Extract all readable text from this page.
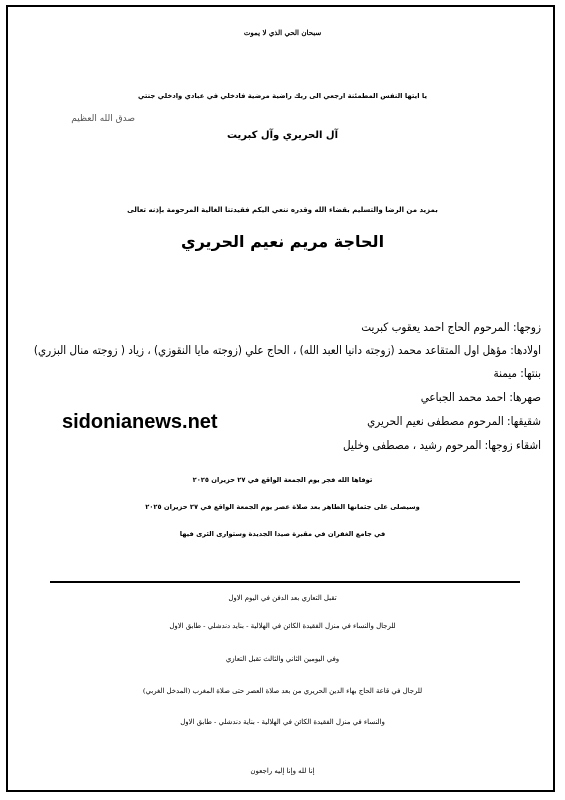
سبحان الحي الذي لا يموت
يا ايتها النفس المطمئنة ارجعي الى ربك راضية مرضية فادخلي في عبادي وادخلي جنتي
صدق الله العظيم
آل الحريري وآل كبريت
بمزيد من الرضا والتسليم بقضاء الله وقدره ننعي اليكم فقيدتنا الغالية المرحومة بإذنه تعالى
الحاجة مريم نعيم الحريري
زوجها: المرحوم الحاج احمد يعقوب كبريت
اولادها: مؤهل اول المتقاعد محمد (زوجته دانيا العبد الله) ، الحاج علي (زوجته مايا النقوزي) ، زياد ( زوجته منال البزري)
بنتها: ميمنة
صهرها: احمد محمد الجباعي
شقيقها: المرحوم مصطفى نعيم الحريري
اشقاء زوجها: المرحوم رشيد ، مصطفى وخليل
sidonianews.net
توفاها الله فجر يوم الجمعة الواقع في ٢٧ حزيران ٢٠٢٥
وسيصلى على جثمانها الطاهر بعد صلاة عصر يوم الجمعة الواقع في ٢٧ حزيران ٢٠٢٥
في جامع الغفران في مقبرة صيدا الجديدة وستوارى الثرى فيها
تقبل التعازي بعد الدفن في اليوم الاول
للرجال والنساء في منزل الفقيدة الكائن في الهلالية - بنايد دندشلي - طابق الاول
وفي اليومين الثاني والثالث تقبل التعازي
للرجال في قاعة الحاج بهاء الدين الحريري من بعد صلاة العصر حتى صلاة المغرب (المدخل الغربي)
والنساء في منزل الفقيدة الكائن في الهلالية - بناية دندشلي - طابق الاول
إنا لله وإنا إليه راجعون
